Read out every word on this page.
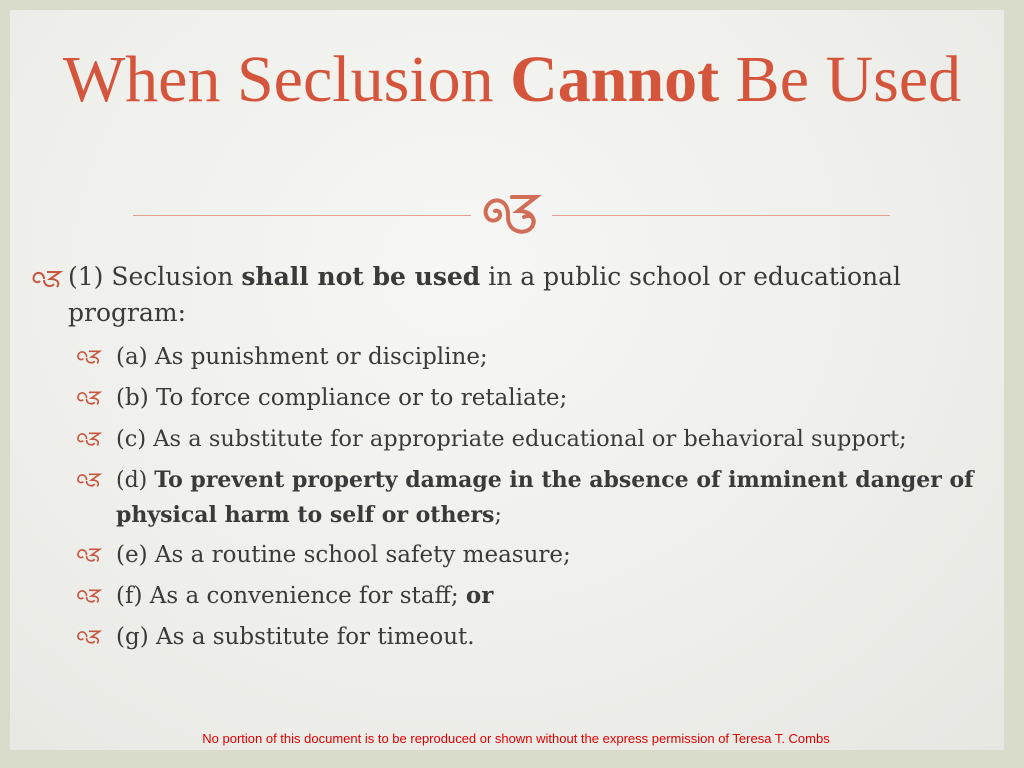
When Seclusion Cannot Be Used
(1) Seclusion shall not be used in a public school or educational program:
(a) As punishment or discipline;
(b) To force compliance or to retaliate;
(c) As a substitute for appropriate educational or behavioral support;
(d) To prevent property damage in the absence of imminent danger of physical harm to self or others;
(e) As a routine school safety measure;
(f) As a convenience for staff; or
(g) As a substitute for timeout.
No portion of this document is to be reproduced or shown without the express permission of Teresa T. Combs
